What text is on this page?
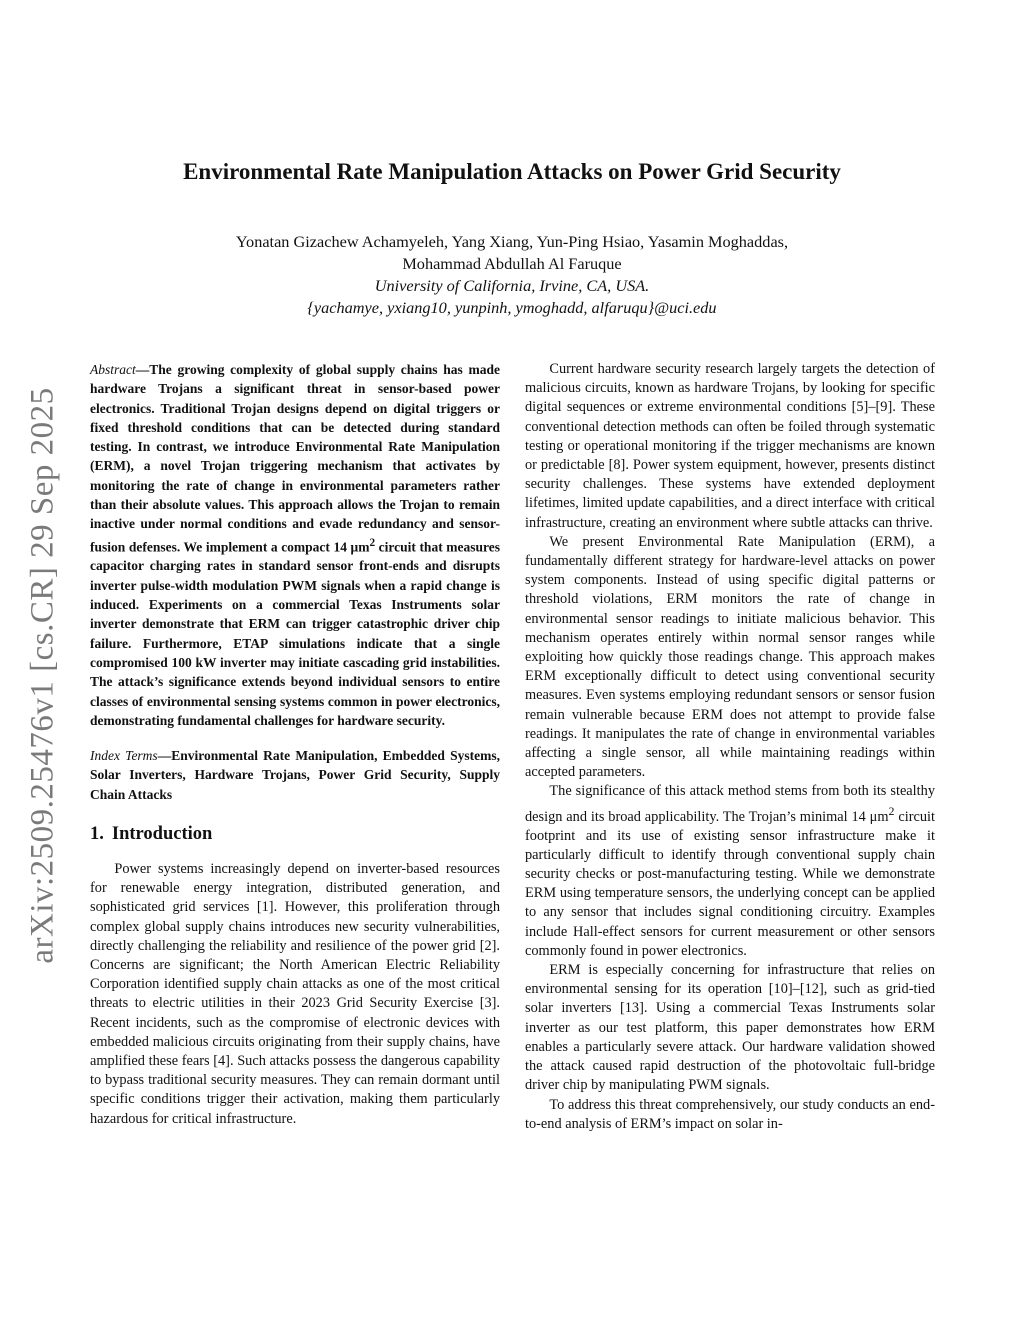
arXiv:2509.25476v1 [cs.CR] 29 Sep 2025
Environmental Rate Manipulation Attacks on Power Grid Security
Yonatan Gizachew Achamyeleh, Yang Xiang, Yun-Ping Hsiao, Yasamin Moghaddas,
Mohammad Abdullah Al Faruque
University of California, Irvine, CA, USA.
{yachamye, yxiang10, yunpinh, ymoghadd, alfaruqu}@uci.edu

Abstract—The growing complexity of global supply chains has made hardware Trojans a significant threat in sensor-based power electronics. Traditional Trojan designs depend on digital triggers or fixed threshold conditions that can be detected during standard testing. In contrast, we introduce Environmental Rate Manipulation (ERM), a novel Trojan triggering mechanism that activates by monitoring the rate of change in environmental parameters rather than their absolute values. This approach allows the Trojan to remain inactive under normal conditions and evade redundancy and sensor-fusion defenses. We implement a compact 14 $\mu m^2$ circuit that measures capacitor charging rates in standard sensor front-ends and disrupts inverter pulse-width modulation PWM signals when a rapid change is induced. Experiments on a commercial Texas Instruments solar inverter demonstrate that ERM can trigger catastrophic driver chip failure. Furthermore, ETAP simulations indicate that a single compromised 100 kW inverter may initiate cascading grid instabilities. The attack’s significance extends beyond individual sensors to entire classes of environmental sensing systems common in power electronics, demonstrating fundamental challenges for hardware security.

Index Terms—Environmental Rate Manipulation, Embedded Systems, Solar Inverters, Hardware Trojans, Power Grid Security, Supply Chain Attacks

1. Introduction

Power systems increasingly depend on inverter-based resources for renewable energy integration, distributed generation, and sophisticated grid services [1]. However, this proliferation through complex global supply chains introduces new security vulnerabilities, directly challenging the reliability and resilience of the power grid [2]. Concerns are significant; the North American Electric Reliability Corporation identified supply chain attacks as one of the most critical threats to electric utilities in their 2023 Grid Security Exercise [3]. Recent incidents, such as the compromise of electronic devices with embedded malicious circuits originating from their supply chains, have amplified these fears [4]. Such attacks possess the dangerous capability to bypass traditional security measures. They can remain dormant until specific conditions trigger their activation, making them particularly hazardous for critical infrastructure.

Current hardware security research largely targets the detection of malicious circuits, known as hardware Trojans, by looking for specific digital sequences or extreme environmental conditions [5]–[9]. These conventional detection methods can often be foiled through systematic testing or operational monitoring if the trigger mechanisms are known or predictable [8]. Power system equipment, however, presents distinct security challenges. These systems have extended deployment lifetimes, limited update capabilities, and a direct interface with critical infrastructure, creating an environment where subtle attacks can thrive.

We present Environmental Rate Manipulation (ERM), a fundamentally different strategy for hardware-level attacks on power system components. Instead of using specific digital patterns or threshold violations, ERM monitors the rate of change in environmental sensor readings to initiate malicious behavior. This mechanism operates entirely within normal sensor ranges while exploiting how quickly those readings change. This approach makes ERM exceptionally difficult to detect using conventional security measures. Even systems employing redundant sensors or sensor fusion remain vulnerable because ERM does not attempt to provide false readings. It manipulates the rate of change in environmental variables affecting a single sensor, all while maintaining readings within accepted parameters.

The significance of this attack method stems from both its stealthy design and its broad applicability. The Trojan’s minimal 14 $\mu m^2$ circuit footprint and its use of existing sensor infrastructure make it particularly difficult to identify through conventional supply chain security checks or post-manufacturing testing. While we demonstrate ERM using temperature sensors, the underlying concept can be applied to any sensor that includes signal conditioning circuitry. Examples include Hall-effect sensors for current measurement or other sensors commonly found in power electronics.

ERM is especially concerning for infrastructure that relies on environmental sensing for its operation [10]–[12], such as grid-tied solar inverters [13]. Using a commercial Texas Instruments solar inverter as our test platform, this paper demonstrates how ERM enables a particularly severe attack. Our hardware validation showed the attack caused rapid destruction of the photovoltaic full-bridge driver chip by manipulating PWM signals.

To address this threat comprehensively, our study conducts an end-to-end analysis of ERM’s impact on solar in-
